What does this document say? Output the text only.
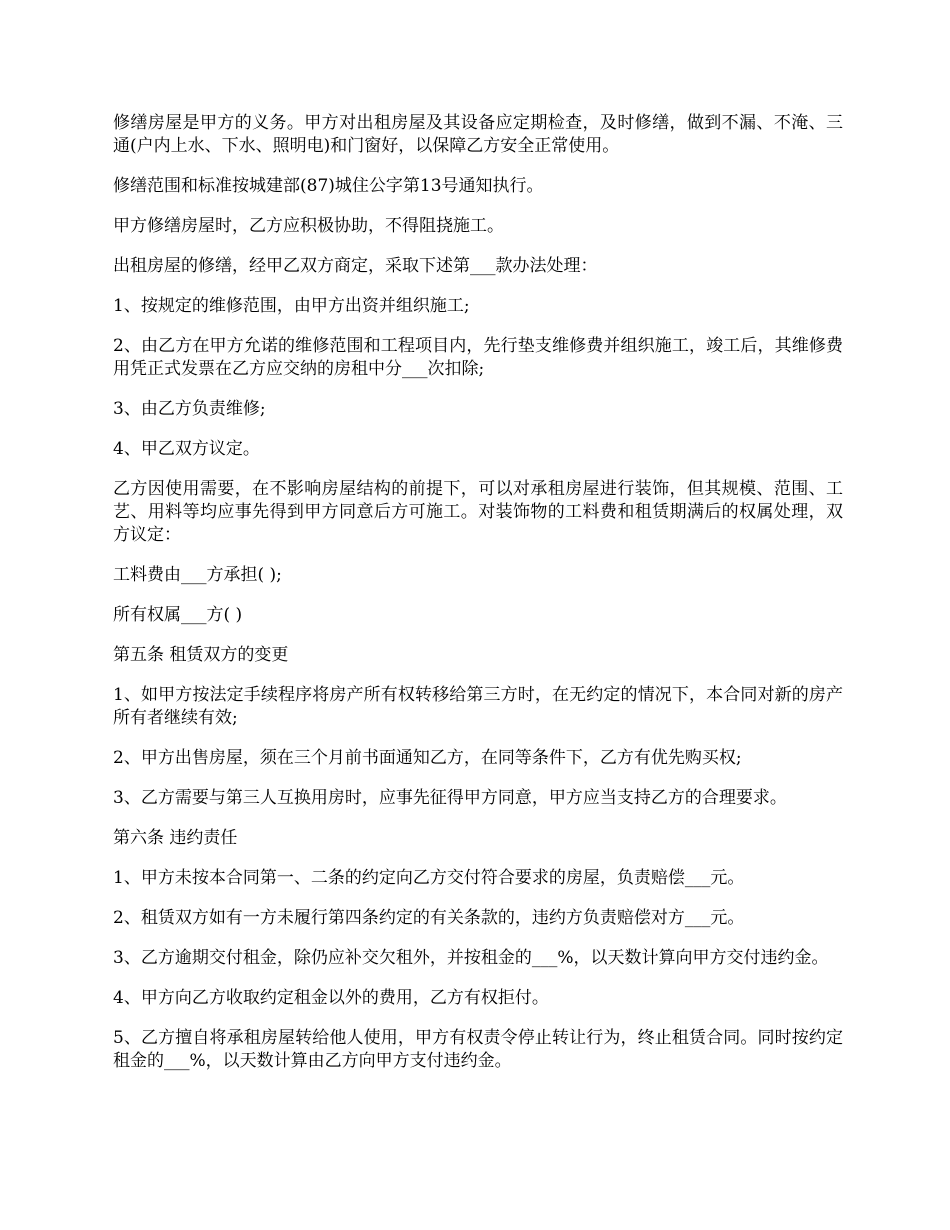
修缮房屋是甲方的义务。甲方对出租房屋及其设备应定期检查，及时修缮，做到不漏、不淹、三通(户内上水、下水、照明电)和门窗好，以保障乙方安全正常使用。

修缮范围和标准按城建部(87)城住公字第13号通知执行。

甲方修缮房屋时，乙方应积极协助，不得阻挠施工。

出租房屋的修缮，经甲乙双方商定，采取下述第___款办法处理：

1、按规定的维修范围，由甲方出资并组织施工;

2、由乙方在甲方允诺的维修范围和工程项目内，先行垫支维修费并组织施工，竣工后，其维修费用凭正式发票在乙方应交纳的房租中分___次扣除;

3、由乙方负责维修;

4、甲乙双方议定。

乙方因使用需要，在不影响房屋结构的前提下，可以对承租房屋进行装饰，但其规模、范围、工艺、用料等均应事先得到甲方同意后方可施工。对装饰物的工料费和租赁期满后的权属处理，双方议定：

工料费由___方承担( );

所有权属___方( )

第五条 租赁双方的变更

1、如甲方按法定手续程序将房产所有权转移给第三方时，在无约定的情况下，本合同对新的房产所有者继续有效;

2、甲方出售房屋，须在三个月前书面通知乙方，在同等条件下，乙方有优先购买权;

3、乙方需要与第三人互换用房时，应事先征得甲方同意，甲方应当支持乙方的合理要求。

第六条 违约责任

1、甲方未按本合同第一、二条的约定向乙方交付符合要求的房屋，负责赔偿___元。

2、租赁双方如有一方未履行第四条约定的有关条款的，违约方负责赔偿对方___元。

3、乙方逾期交付租金，除仍应补交欠租外，并按租金的___%，以天数计算向甲方交付违约金。

4、甲方向乙方收取约定租金以外的费用，乙方有权拒付。

5、乙方擅自将承租房屋转给他人使用，甲方有权责令停止转让行为，终止租赁合同。同时按约定租金的___%，以天数计算由乙方向甲方支付违约金。
